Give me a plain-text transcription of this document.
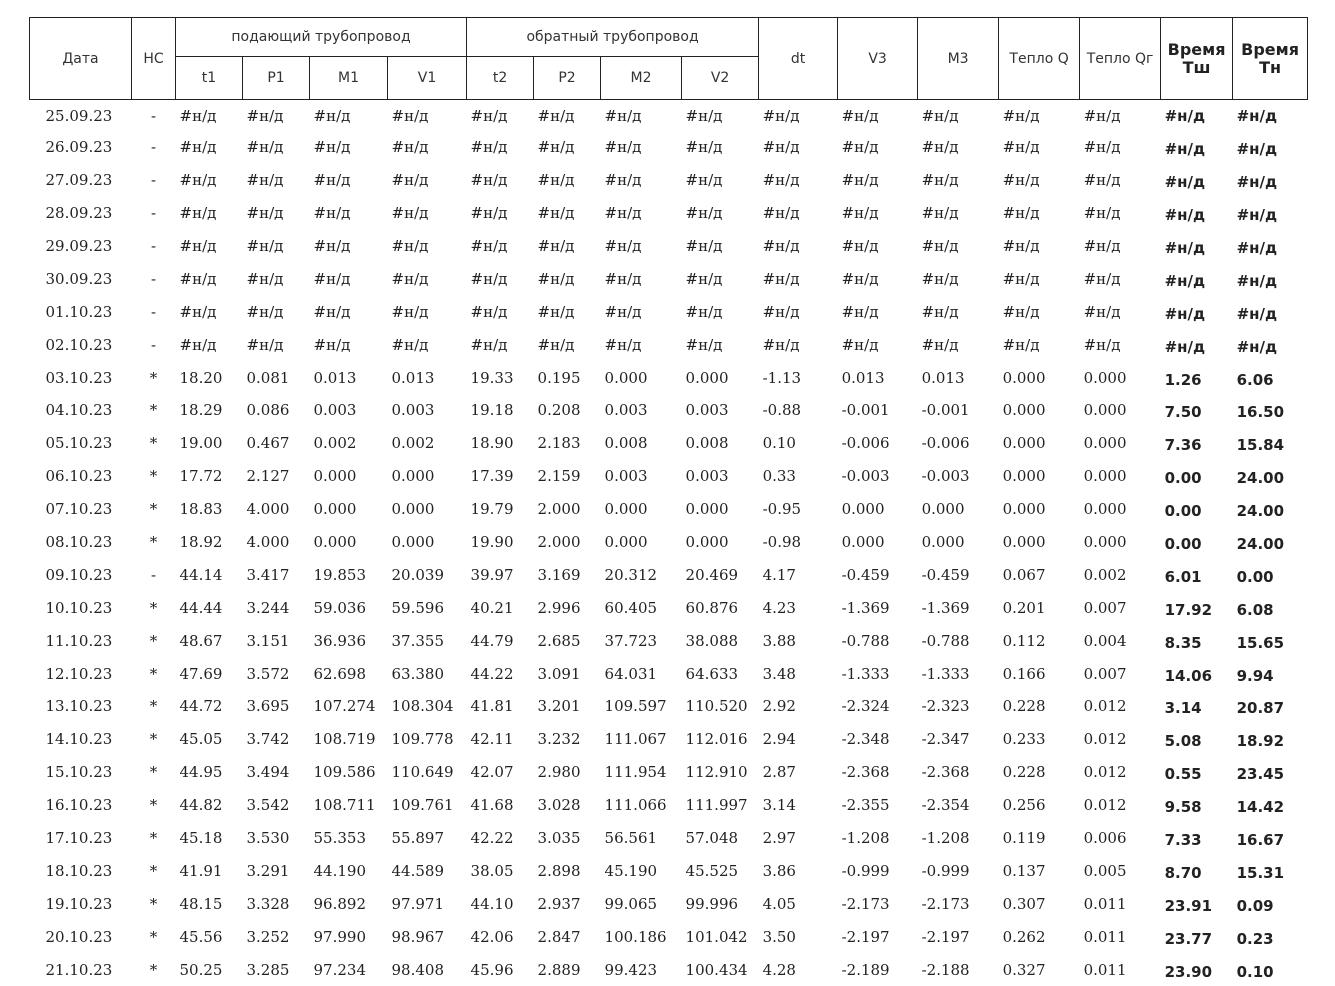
Дата	НС	подающий трубопровод				обратный трубопровод				dt	V3	M3	Тепло Q	Тепло Qг	Время Тш	Время Тн
		t1	P1	M1	V1	t2	P2	M2	V2							
25.09.23	-	#н/д	#н/д	#н/д	#н/д	#н/д	#н/д	#н/д	#н/д	#н/д	#н/д	#н/д	#н/д	#н/д	#н/д	#н/д
26.09.23	-	#н/д	#н/д	#н/д	#н/д	#н/д	#н/д	#н/д	#н/д	#н/д	#н/д	#н/д	#н/д	#н/д	#н/д	#н/д
27.09.23	-	#н/д	#н/д	#н/д	#н/д	#н/д	#н/д	#н/д	#н/д	#н/д	#н/д	#н/д	#н/д	#н/д	#н/д	#н/д
28.09.23	-	#н/д	#н/д	#н/д	#н/д	#н/д	#н/д	#н/д	#н/д	#н/д	#н/д	#н/д	#н/д	#н/д	#н/д	#н/д
29.09.23	-	#н/д	#н/д	#н/д	#н/д	#н/д	#н/д	#н/д	#н/д	#н/д	#н/д	#н/д	#н/д	#н/д	#н/д	#н/д
30.09.23	-	#н/д	#н/д	#н/д	#н/д	#н/д	#н/д	#н/д	#н/д	#н/д	#н/д	#н/д	#н/д	#н/д	#н/д	#н/д
01.10.23	-	#н/д	#н/д	#н/д	#н/д	#н/д	#н/д	#н/д	#н/д	#н/д	#н/д	#н/д	#н/д	#н/д	#н/д	#н/д
02.10.23	-	#н/д	#н/д	#н/д	#н/д	#н/д	#н/д	#н/д	#н/д	#н/д	#н/д	#н/д	#н/д	#н/д	#н/д	#н/д
03.10.23	*	18.20	0.081	0.013	0.013	19.33	0.195	0.000	0.000	-1.13	0.013	0.013	0.000	0.000	1.26	6.06
04.10.23	*	18.29	0.086	0.003	0.003	19.18	0.208	0.003	0.003	-0.88	-0.001	-0.001	0.000	0.000	7.50	16.50
05.10.23	*	19.00	0.467	0.002	0.002	18.90	2.183	0.008	0.008	0.10	-0.006	-0.006	0.000	0.000	7.36	15.84
06.10.23	*	17.72	2.127	0.000	0.000	17.39	2.159	0.003	0.003	0.33	-0.003	-0.003	0.000	0.000	0.00	24.00
07.10.23	*	18.83	4.000	0.000	0.000	19.79	2.000	0.000	0.000	-0.95	0.000	0.000	0.000	0.000	0.00	24.00
08.10.23	*	18.92	4.000	0.000	0.000	19.90	2.000	0.000	0.000	-0.98	0.000	0.000	0.000	0.000	0.00	24.00
09.10.23	-	44.14	3.417	19.853	20.039	39.97	3.169	20.312	20.469	4.17	-0.459	-0.459	0.067	0.002	6.01	0.00
10.10.23	*	44.44	3.244	59.036	59.596	40.21	2.996	60.405	60.876	4.23	-1.369	-1.369	0.201	0.007	17.92	6.08
11.10.23	*	48.67	3.151	36.936	37.355	44.79	2.685	37.723	38.088	3.88	-0.788	-0.788	0.112	0.004	8.35	15.65
12.10.23	*	47.69	3.572	62.698	63.380	44.22	3.091	64.031	64.633	3.48	-1.333	-1.333	0.166	0.007	14.06	9.94
13.10.23	*	44.72	3.695	107.274	108.304	41.81	3.201	109.597	110.520	2.92	-2.324	-2.323	0.228	0.012	3.14	20.87
14.10.23	*	45.05	3.742	108.719	109.778	42.11	3.232	111.067	112.016	2.94	-2.348	-2.347	0.233	0.012	5.08	18.92
15.10.23	*	44.95	3.494	109.586	110.649	42.07	2.980	111.954	112.910	2.87	-2.368	-2.368	0.228	0.012	0.55	23.45
16.10.23	*	44.82	3.542	108.711	109.761	41.68	3.028	111.066	111.997	3.14	-2.355	-2.354	0.256	0.012	9.58	14.42
17.10.23	*	45.18	3.530	55.353	55.897	42.22	3.035	56.561	57.048	2.97	-1.208	-1.208	0.119	0.006	7.33	16.67
18.10.23	*	41.91	3.291	44.190	44.589	38.05	2.898	45.190	45.525	3.86	-0.999	-0.999	0.137	0.005	8.70	15.31
19.10.23	*	48.15	3.328	96.892	97.971	44.10	2.937	99.065	99.996	4.05	-2.173	-2.173	0.307	0.011	23.91	0.09
20.10.23	*	45.56	3.252	97.990	98.967	42.06	2.847	100.186	101.042	3.50	-2.197	-2.197	0.262	0.011	23.77	0.23
21.10.23	*	50.25	3.285	97.234	98.408	45.96	2.889	99.423	100.434	4.28	-2.189	-2.188	0.327	0.011	23.90	0.10
